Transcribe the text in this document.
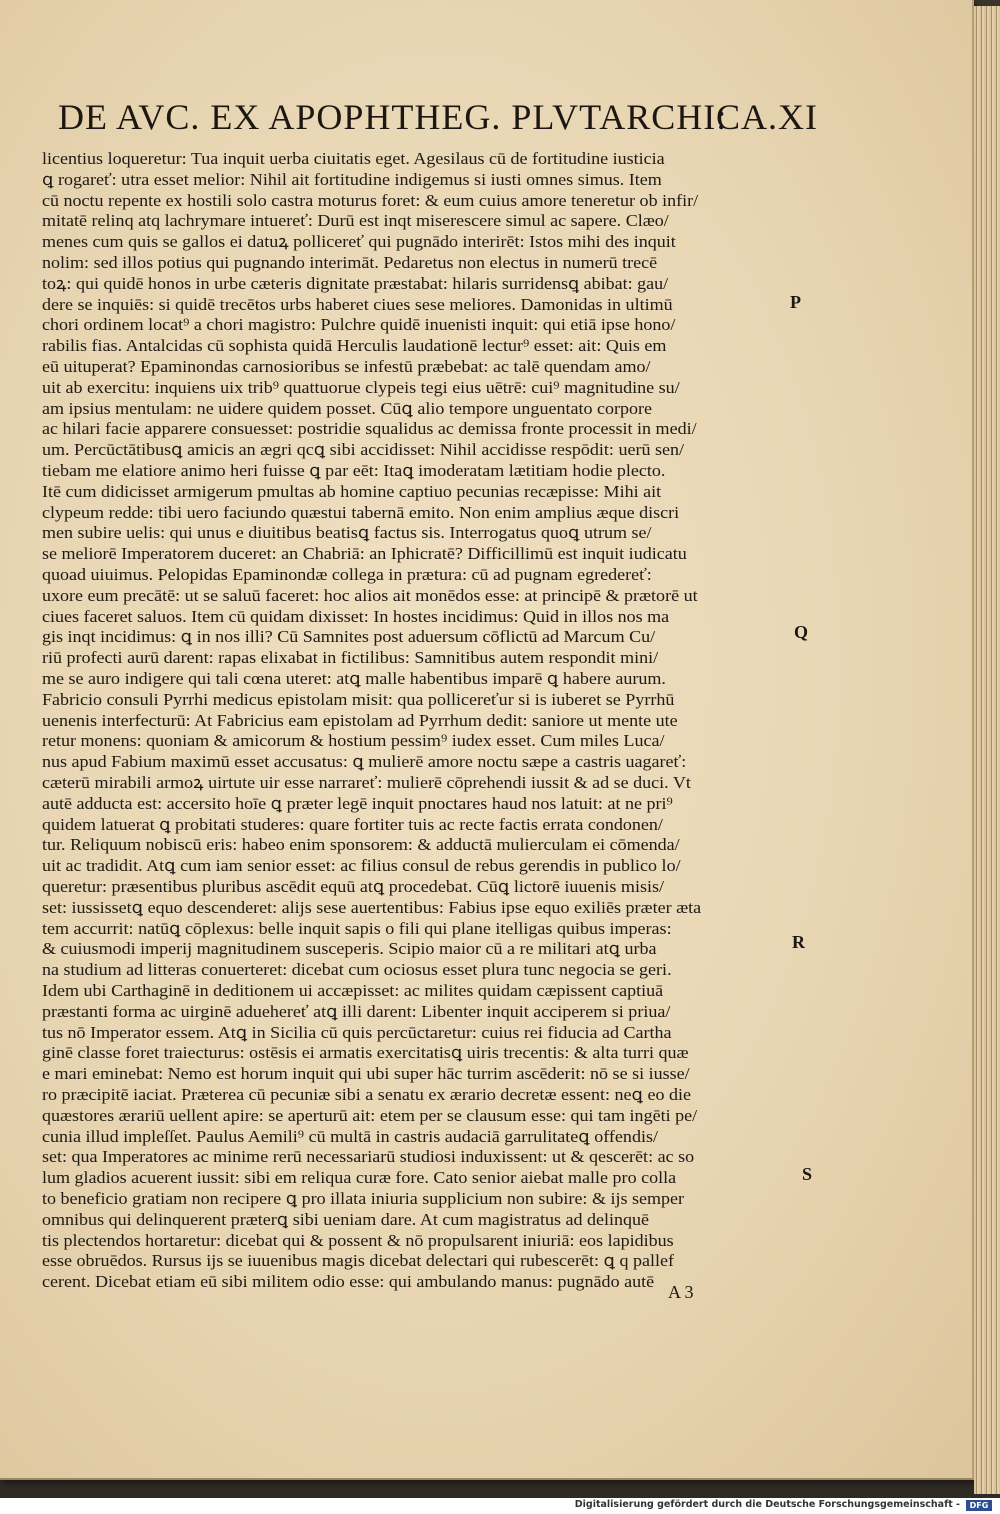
DE AVC. EX APOPHTHEG. PLVTARCHI:
CA.XI
licentius loqueretur: Tua inquit uerba ciuitatis eget. Agesilaus cū de fortitudine iusticia
ꝗ rogareť: utra esset melior: Nihil ait fortitudine indigemus si iusti omnes simus. Item
cū noctu repente ex hostili solo castra moturus foret: & eum cuius amore teneretur ob infir/
mitatē relinq atq lachrymare intuereť: Durū est inqt miserescere simul ac sapere. Clæo/
menes cum quis se gallos ei datuꝝ pollicereť qui pugnādo interirēt: Istos mihi des inquit
nolim: sed illos potius qui pugnando interimāt. Pedaretus non electus in numerū trecē
toꝝ: qui quidē honos in urbe cæteris dignitate præstabat: hilaris surridensꝗ abibat: gau/
dere se inquiēs: si quidē trecētos urbs haberet ciues sese meliores. Damonidas in ultimū
chori ordinem locat⁹ a chori magistro: Pulchre quidē inuenisti inquit: qui etiā ipse hono/
rabilis fias. Antalcidas cū sophista quidā Herculis laudationē lectur⁹ esset: ait: Quis em
eū uituperat? Epaminondas carnosioribus se infestū præbebat: ac talē quendam amo/
uit ab exercitu: inquiens uix trib⁹ quattuorue clypeis tegi eius uētrē: cui⁹ magnitudine su/
am ipsius mentulam: ne uidere quidem posset. Cūꝗ alio tempore unguentato corpore
ac hilari facie apparere consuesset: postridie squalidus ac demissa fronte processit in medi/
um. Percūctātibusꝗ amicis an ægri qcꝗ sibi accidisset: Nihil accidisse respōdit: uerū sen/
tiebam me elatiore animo heri fuisse ꝗ par eēt: Itaꝗ imoderatam lætitiam hodie plecto.
Itē cum didicisset armigerum pmultas ab homine captiuo pecunias recæpisse: Mihi ait
clypeum redde: tibi uero faciundo quæstui tabernā emito. Non enim amplius æque discri
men subire uelis: qui unus e diuitibus beatisꝗ factus sis. Interrogatus quoꝗ utrum se/
se meliorē Imperatorem duceret: an Chabriā: an Iphicratē? Difficillimū est inquit iudicatu
quoad uiuimus. Pelopidas Epaminondæ collega in prætura: cū ad pugnam egredereť:
uxore eum precātē: ut se saluū faceret: hoc alios ait monēdos esse: at principē & prætorē ut
ciues faceret saluos. Item cū quidam dixisset: In hostes incidimus: Quid in illos nos ma
gis inqt incidimus: ꝗ in nos illi? Cū Samnites post aduersum cōflictū ad Marcum Cu/
riū profecti aurū darent: rapas elixabat in fictilibus: Samnitibus autem respondit mini/
me se auro indigere qui tali cœna uteret: atꝗ malle habentibus imparē ꝗ habere aurum.
Fabricio consuli Pyrrhi medicus epistolam misit: qua pollicereťur si is iuberet se Pyrrhū
uenenis interfecturū: At Fabricius eam epistolam ad Pyrrhum dedit: saniore ut mente ute
retur monens: quoniam & amicorum & hostium pessim⁹ iudex esset. Cum miles Luca/
nus apud Fabium maximū esset accusatus: ꝗ mulierē amore noctu sæpe a castris uagareť:
cæterū mirabili armoꝝ uirtute uir esse narrareť: mulierē cōprehendi iussit & ad se duci. Vt
autē adducta est: accersito hoīe ꝗ præter legē inquit pnoctares haud nos latuit: at ne pri⁹
quidem latuerat ꝗ probitati studeres: quare fortiter tuis ac recte factis errata condonen/
tur. Reliquum nobiscū eris: habeo enim sponsorem: & adductā mulierculam ei cōmenda/
uit ac tradidit. Atꝗ cum iam senior esset: ac filius consul de rebus gerendis in publico lo/
queretur: præsentibus pluribus ascēdit equū atꝗ procedebat. Cūꝗ lictorē iuuenis misis/
set: iussissetꝗ equo descenderet: alijs sese auertentibus: Fabius ipse equo exiliēs præter æta
tem accurrit: natūꝗ cōplexus: belle inquit sapis o fili qui plane itelligas quibus imperas:
& cuiusmodi imperij magnitudinem susceperis. Scipio maior cū a re militari atꝗ urba
na studium ad litteras conuerteret: dicebat cum ociosus esset plura tunc negocia se geri.
Idem ubi Carthaginē in deditionem ui accæpisset: ac milites quidam cæpissent captiuā
præstanti forma ac uirginē aduehereť atꝗ illi darent: Libenter inquit acciperem si priua/
tus nō Imperator essem. Atꝗ in Sicilia cū quis percūctaretur: cuius rei fiducia ad Cartha
ginē classe foret traiecturus: ostēsis ei armatis exercitatisꝗ uiris trecentis: & alta turri quæ
e mari eminebat: Nemo est horum inquit qui ubi super hāc turrim ascēderit: nō se si iusse/
ro præcipitē iaciat. Præterea cū pecuniæ sibi a senatu ex ærario decretæ essent: neꝗ eo die
quæstores ærariū uellent apire: se aperturū ait: etem per se clausum esse: qui tam ingēti pe/
cunia illud impleſſet. Paulus Aemili⁹ cū multā in castris audaciā garrulitateꝗ offendis/
set: qua Imperatores ac minime rerū necessariarū studiosi induxissent: ut & qescerēt: ac so
lum gladios acuerent iussit: sibi em reliqua curæ fore. Cato senior aiebat malle pro colla
to beneficio gratiam non recipere ꝗ pro illata iniuria supplicium non subire: & ijs semper
omnibus qui delinquerent præterꝗ sibi ueniam dare. At cum magistratus ad delinquē
tis plectendos hortaretur: dicebat qui & possent & nō propulsarent iniuriā: eos lapidibus
esse obruēdos. Rursus ijs se iuuenibus magis dicebat delectari qui rubescerēt: ꝗ q pallef
cerent. Dicebat etiam eū sibi militem odio esse: qui ambulando manus: pugnādo autē
P
Q
R
S
A 3
Digitalisierung gefördert durch die Deutsche Forschungsgemeinschaft -	DFG
